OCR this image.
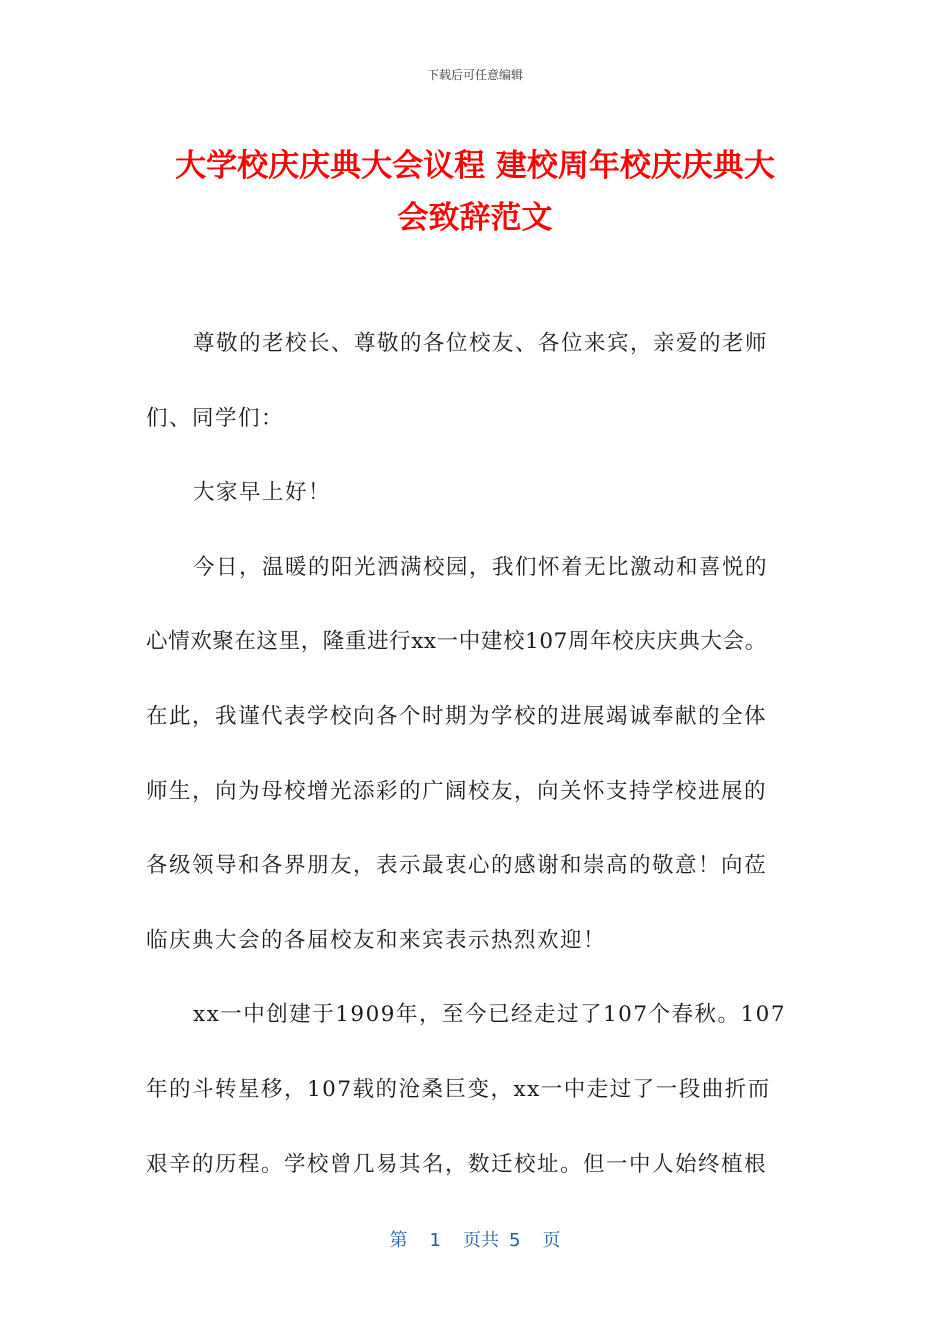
下载后可任意编辑
大学校庆庆典大会议程 建校周年校庆庆典大
会致辞范文
尊敬的老校长、尊敬的各位校友、各位来宾，亲爱的老师
们、同学们：
大家早上好！
今日，温暖的阳光洒满校园，我们怀着无比激动和喜悦的
心情欢聚在这里，隆重进行xx一中建校107周年校庆庆典大会。
在此，我谨代表学校向各个时期为学校的进展竭诚奉献的全体
师生，向为母校增光添彩的广阔校友，向关怀支持学校进展的
各级领导和各界朋友，表示最衷心的感谢和崇高的敬意！向莅
临庆典大会的各届校友和来宾表示热烈欢迎！
xx一中创建于1909年，至今已经走过了107个春秋。107
年的斗转星移，107载的沧桑巨变，xx一中走过了一段曲折而
艰辛的历程。学校曾几易其名，数迁校址。但一中人始终植根
第 1 页共 5 页
